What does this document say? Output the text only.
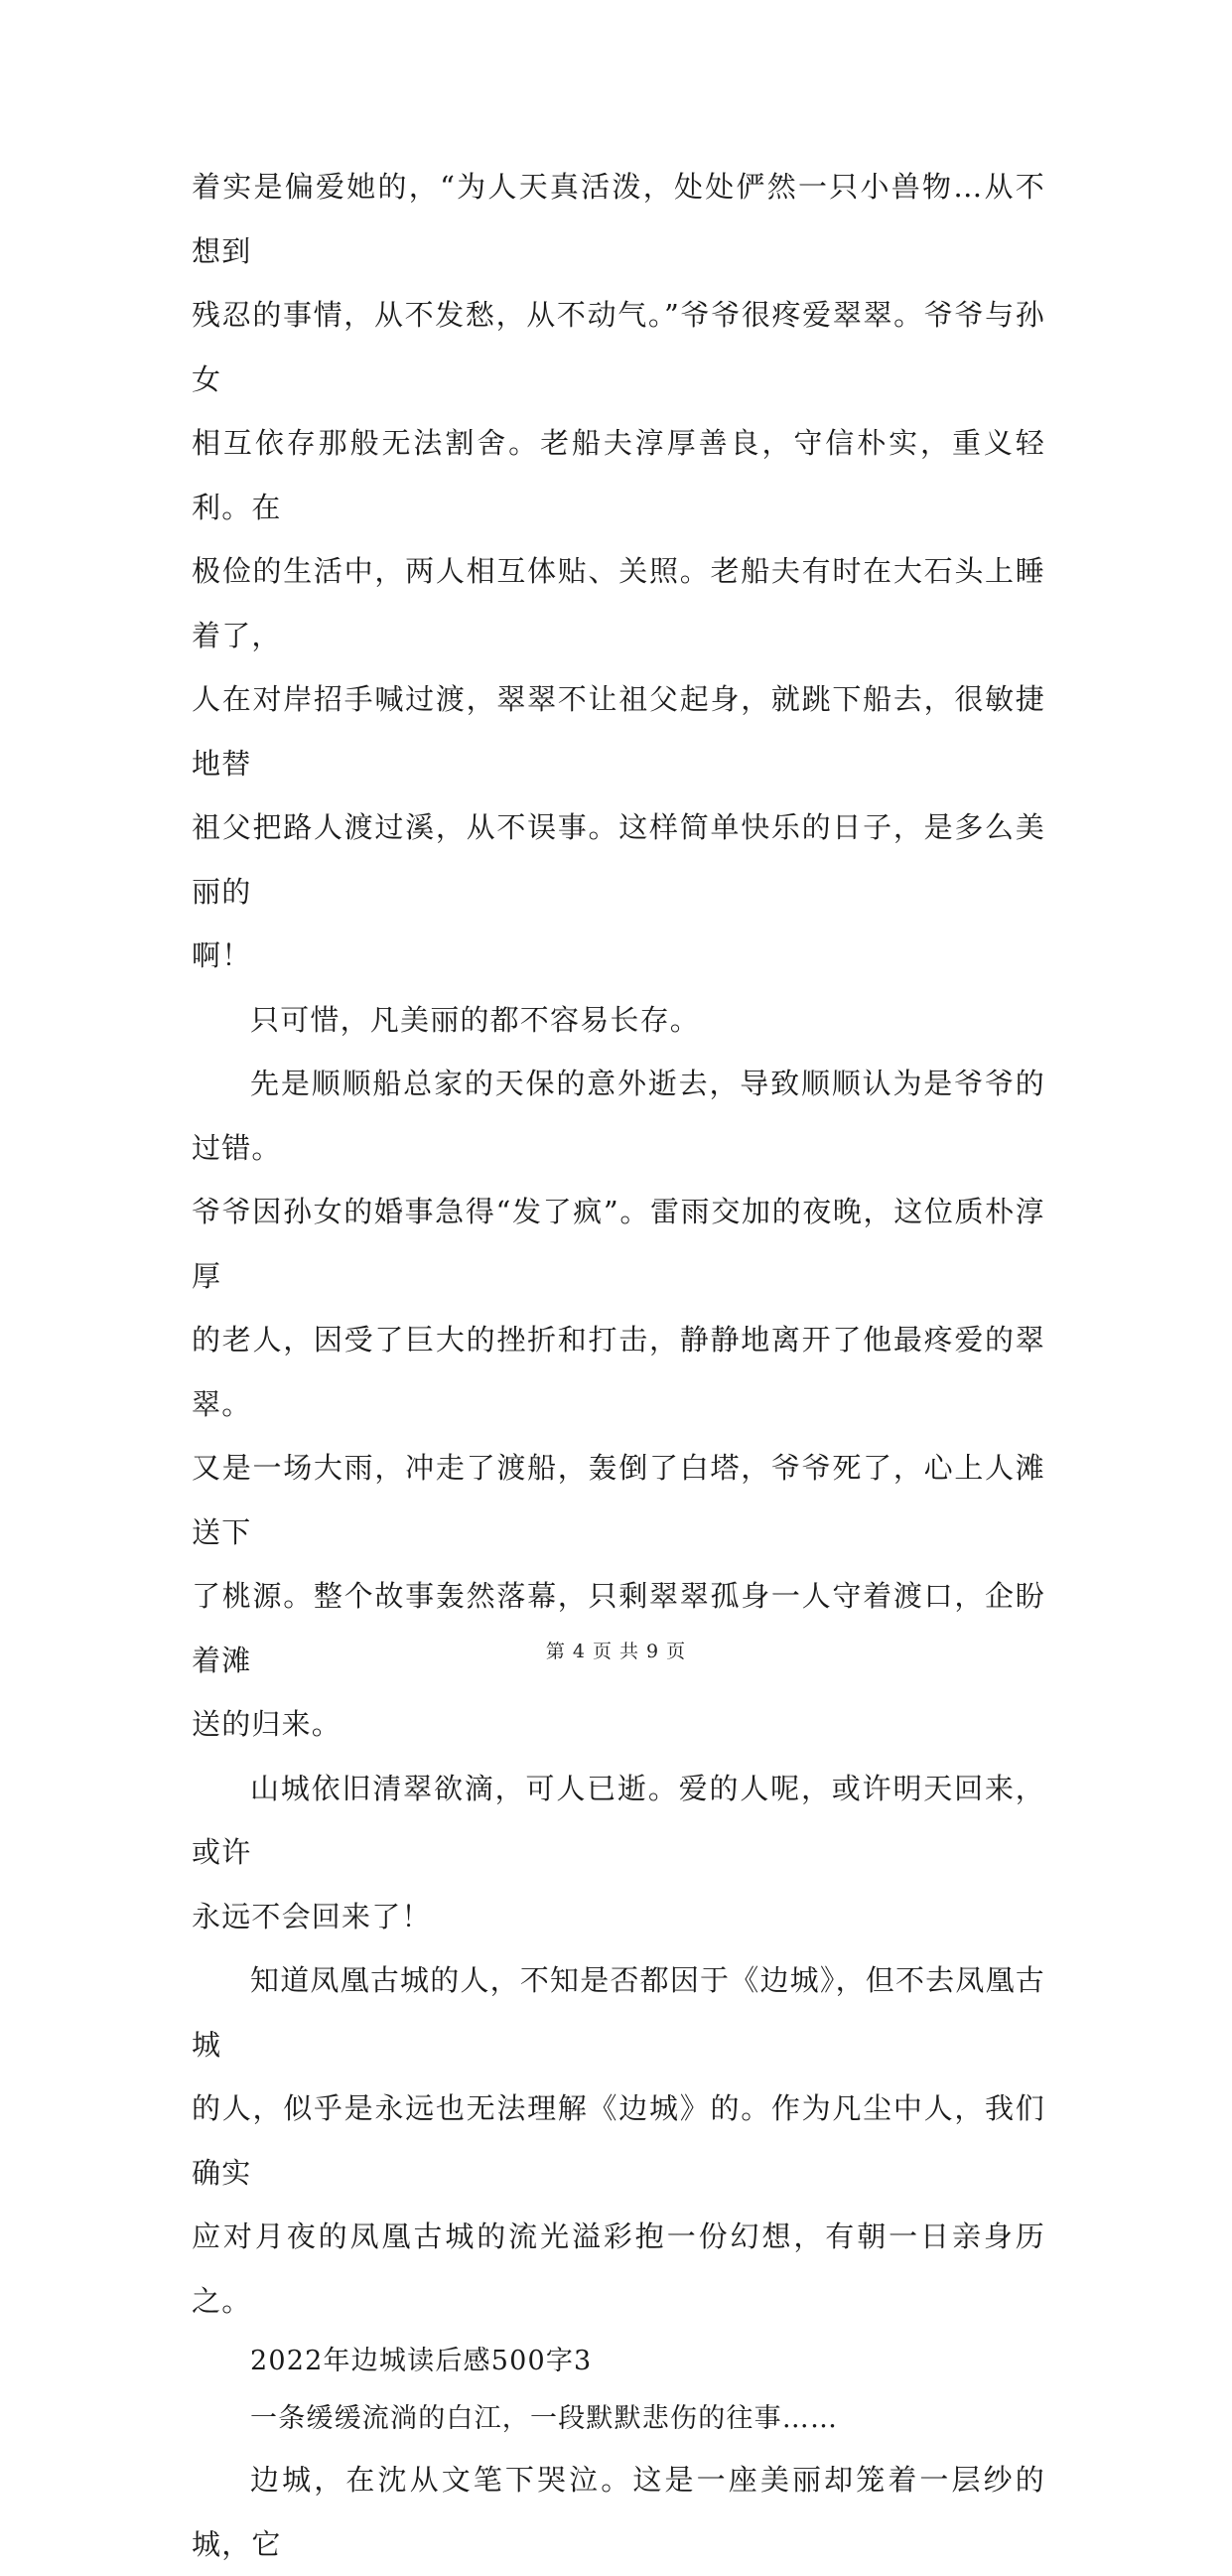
着实是偏爱她的，“为人天真活泼，处处俨然一只小兽物…从不想到
残忍的事情，从不发愁，从不动气。”爷爷很疼爱翠翠。爷爷与孙女
相互依存那般无法割舍。老船夫淳厚善良，守信朴实，重义轻利。在
极俭的生活中，两人相互体贴、关照。老船夫有时在大石头上睡着了，
人在对岸招手喊过渡，翠翠不让祖父起身，就跳下船去，很敏捷地替
祖父把路人渡过溪，从不误事。这样简单快乐的日子，是多么美丽的
啊！

只可惜，凡美丽的都不容易长存。

先是顺顺船总家的天保的意外逝去，导致顺顺认为是爷爷的过错。
爷爷因孙女的婚事急得“发了疯”。雷雨交加的夜晚，这位质朴淳厚
的老人，因受了巨大的挫折和打击，静静地离开了他最疼爱的翠翠。
又是一场大雨，冲走了渡船，轰倒了白塔，爷爷死了，心上人滩送下
了桃源。整个故事轰然落幕，只剩翠翠孤身一人守着渡口，企盼着滩
送的归来。

山城依旧清翠欲滴，可人已逝。爱的人呢，或许明天回来，或许
永远不会回来了！

知道凤凰古城的人，不知是否都因于《边城》，但不去凤凰古城
的人，似乎是永远也无法理解《边城》的。作为凡尘中人，我们确实
应对月夜的凤凰古城的流光溢彩抱一份幻想，有朝一日亲身历之。

2022年边城读后感500字3

一条缓缓流淌的白江，一段默默悲伤的往事……

边城，在沈从文笔下哭泣。这是一座美丽却笼着一层纱的城，它

第 4 页 共 9 页
